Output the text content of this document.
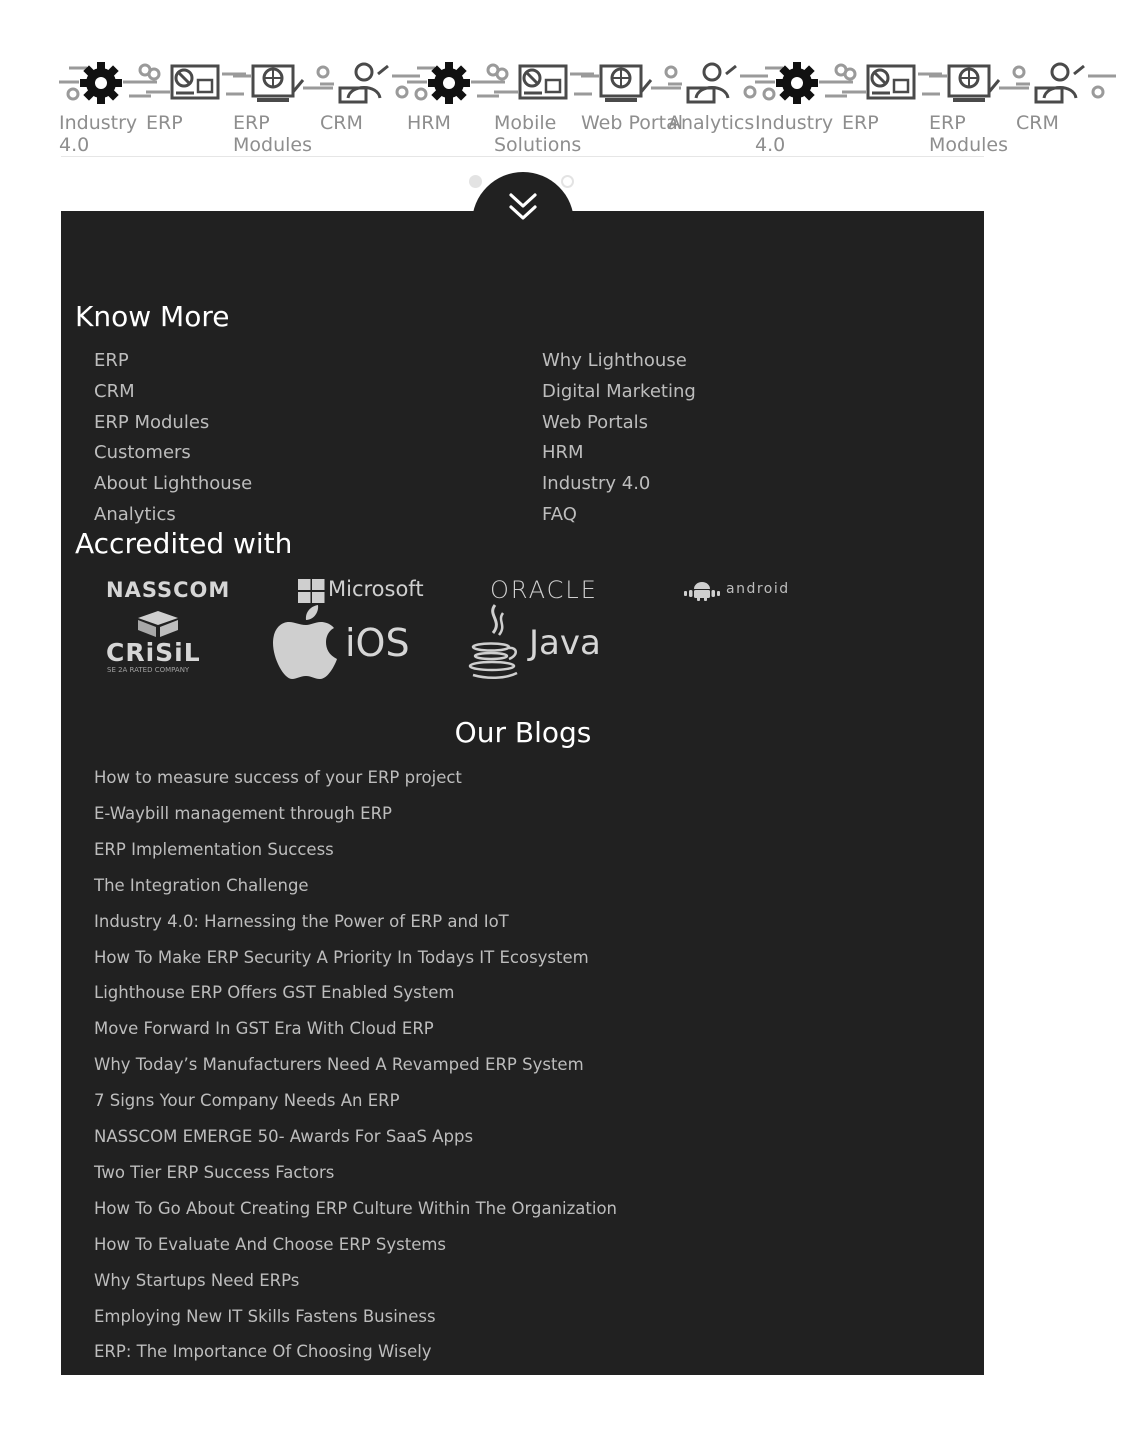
Industry 4.0
ERP	ERP Modules
CRM	HRM	Mobile Solutions
Web Portal
Analytics Industry 4.0
ERP	ERP Modules
CRM
Know More
ERP
CRM
ERP Modules
Customers
About Lighthouse
Analytics
Why Lighthouse
Digital Marketing
Web Portals
HRM
Industry 4.0
FAQ
Accredited with
NASSCOM	Microsoft	ORACLE	android
CRiSiL
SE 2A RATED COMPANY
iOS	Java
Our Blogs
How to measure success of your ERP project
E-Waybill management through ERP
ERP Implementation Success
The Integration Challenge
Industry 4.0: Harnessing the Power of ERP and IoT
How To Make ERP Security A Priority In Todays IT Ecosystem
Lighthouse ERP Offers GST Enabled System
Move Forward In GST Era With Cloud ERP
Why Today’s Manufacturers Need A Revamped ERP System
7 Signs Your Company Needs An ERP
NASSCOM EMERGE 50- Awards For SaaS Apps
Two Tier ERP Success Factors
How To Go About Creating ERP Culture Within The Organization
How To Evaluate And Choose ERP Systems
Why Startups Need ERPs
Employing New IT Skills Fastens Business
ERP: The Importance Of Choosing Wisely
